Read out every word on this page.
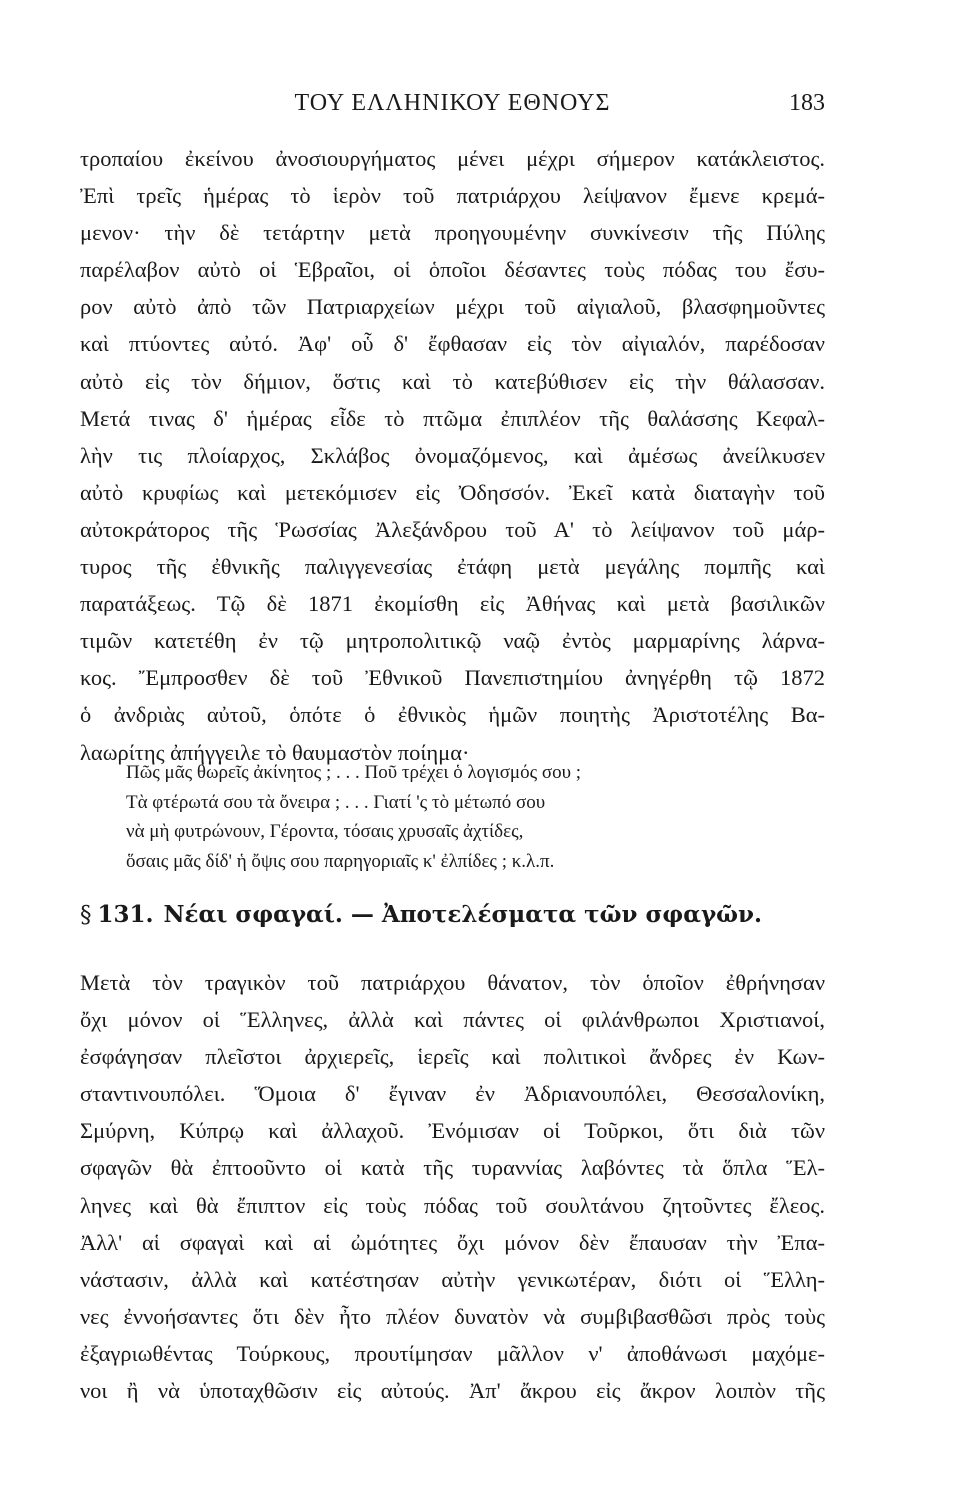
ΤΟΥ ΕΛΛΗΝΙΚΟΥ ΕΘΝΟΥΣ	183
τροπαίου ἐκείνου ἀνοσιουργήματος μένει μέχρι σήμερον κατάκλειστος.
Ἐπὶ τρεῖς ἡμέρας τὸ ἱερὸν τοῦ πατριάρχου λείψανον ἔμενε κρεμά-
μενον· τὴν δὲ τετάρτην μετὰ προηγουμένην συνκίνεσιν τῆς Πύλης
παρέλαβον αὐτὸ οἱ Ἑβραῖοι, οἱ ὁποῖοι δέσαντες τοὺς πόδας του ἔσυ-
ρον αὐτὸ ἀπὸ τῶν Πατριαρχείων μέχρι τοῦ αἰγιαλοῦ, βλασφημοῦντες
καὶ πτύοντες αὐτό. Ἀφ' οὗ δ' ἔφθασαν εἰς τὸν αἰγιαλόν, παρέδοσαν
αὐτὸ εἰς τὸν δήμιον, ὅστις καὶ τὸ κατεβύθισεν εἰς τὴν θάλασσαν.
Μετά τινας δ' ἡμέρας εἶδε τὸ πτῶμα ἐπιπλέον τῆς θαλάσσης Κεφαλ-
λὴν τις πλοίαρχος, Σκλάβος ὀνομαζόμενος, καὶ ἀμέσως ἀνείλκυσεν
αὐτὸ κρυφίως καὶ μετεκόμισεν εἰς Ὀδησσόν. Ἐκεῖ κατὰ διαταγὴν τοῦ
αὐτοκράτορος τῆς Ῥωσσίας Ἀλεξάνδρου τοῦ Α' τὸ λείψανον τοῦ μάρ-
τυρος τῆς ἐθνικῆς παλιγγενεσίας ἐτάφη μετὰ μεγάλης πομπῆς καὶ
παρατάξεως. Τῷ δὲ 1871 ἐκομίσθη εἰς Ἀθήνας καὶ μετὰ βασιλικῶν
τιμῶν κατετέθη ἐν τῷ μητροπολιτικῷ ναῷ ἐντὸς μαρμαρίνης λάρνα-
κος. Ἔμπροσθεν δὲ τοῦ Ἐθνικοῦ Πανεπιστημίου ἀνηγέρθη τῷ 1872
ὁ ἀνδριὰς αὐτοῦ, ὁπότε ὁ ἐθνικὸς ἡμῶν ποιητὴς Ἀριστοτέλης Βα-
λαωρίτης ἀπήγγειλε τὸ θαυμαστὸν ποίημα·
Πῶς μᾶς θωρεῖς ἀκίνητος ; . . . Ποῦ τρέχει ὁ λογισμός σου ;
Τὰ φτέρωτά σου τὰ ὄνειρα ; . . . Γιατί 'ς τὸ μέτωπό σου
νὰ μὴ φυτρώνουν, Γέροντα, τόσαις χρυσαῖς ἀχτίδες,
ὅσαις μᾶς δίδ' ἡ ὄψις σου παρηγοριαῖς κ' ἐλπίδες ; κ.λ.π.
§ 131. Νέαι σφαγαί. — Ἀποτελέσματα τῶν σφαγῶν.
Μετὰ τὸν τραγικὸν τοῦ πατριάρχου θάνατον, τὸν ὁποῖον ἐθρήνησαν
ὄχι μόνον οἱ Ἕλληνες, ἀλλὰ καὶ πάντες οἱ φιλάνθρωποι Χριστιανοί,
ἐσφάγησαν πλεῖστοι ἀρχιερεῖς, ἱερεῖς καὶ πολιτικοὶ ἄνδρες ἐν Κων-
σταντινουπόλει. Ὅμοια δ' ἔγιναν ἐν Ἀδριανουπόλει, Θεσσαλονίκη,
Σμύρνη, Κύπρῳ καὶ ἀλλαχοῦ. Ἐνόμισαν οἱ Τοῦρκοι, ὅτι διὰ τῶν
σφαγῶν θὰ ἐπτοοῦντο οἱ κατὰ τῆς τυραννίας λαβόντες τὰ ὅπλα Ἕλ-
ληνες καὶ θὰ ἔπιπτον εἰς τοὺς πόδας τοῦ σουλτάνου ζητοῦντες ἔλεος.
Ἀλλ' αἱ σφαγαὶ καὶ αἱ ὠμότητες ὄχι μόνον δὲν ἔπαυσαν τὴν Ἐπα-
νάστασιν, ἀλλὰ καὶ κατέστησαν αὐτὴν γενικωτέραν, διότι οἱ Ἕλλη-
νες ἐννοήσαντες ὅτι δὲν ἦτο πλέον δυνατὸν νὰ συμβιβασθῶσι πρὸς τοὺς
ἐξαγριωθέντας Τούρκους, προυτίμησαν μᾶλλον ν' ἀποθάνωσι μαχόμε-
νοι ἢ νὰ ὑποταχθῶσιν εἰς αὐτούς. Ἀπ' ἄκρου εἰς ἄκρον λοιπὸν τῆς
